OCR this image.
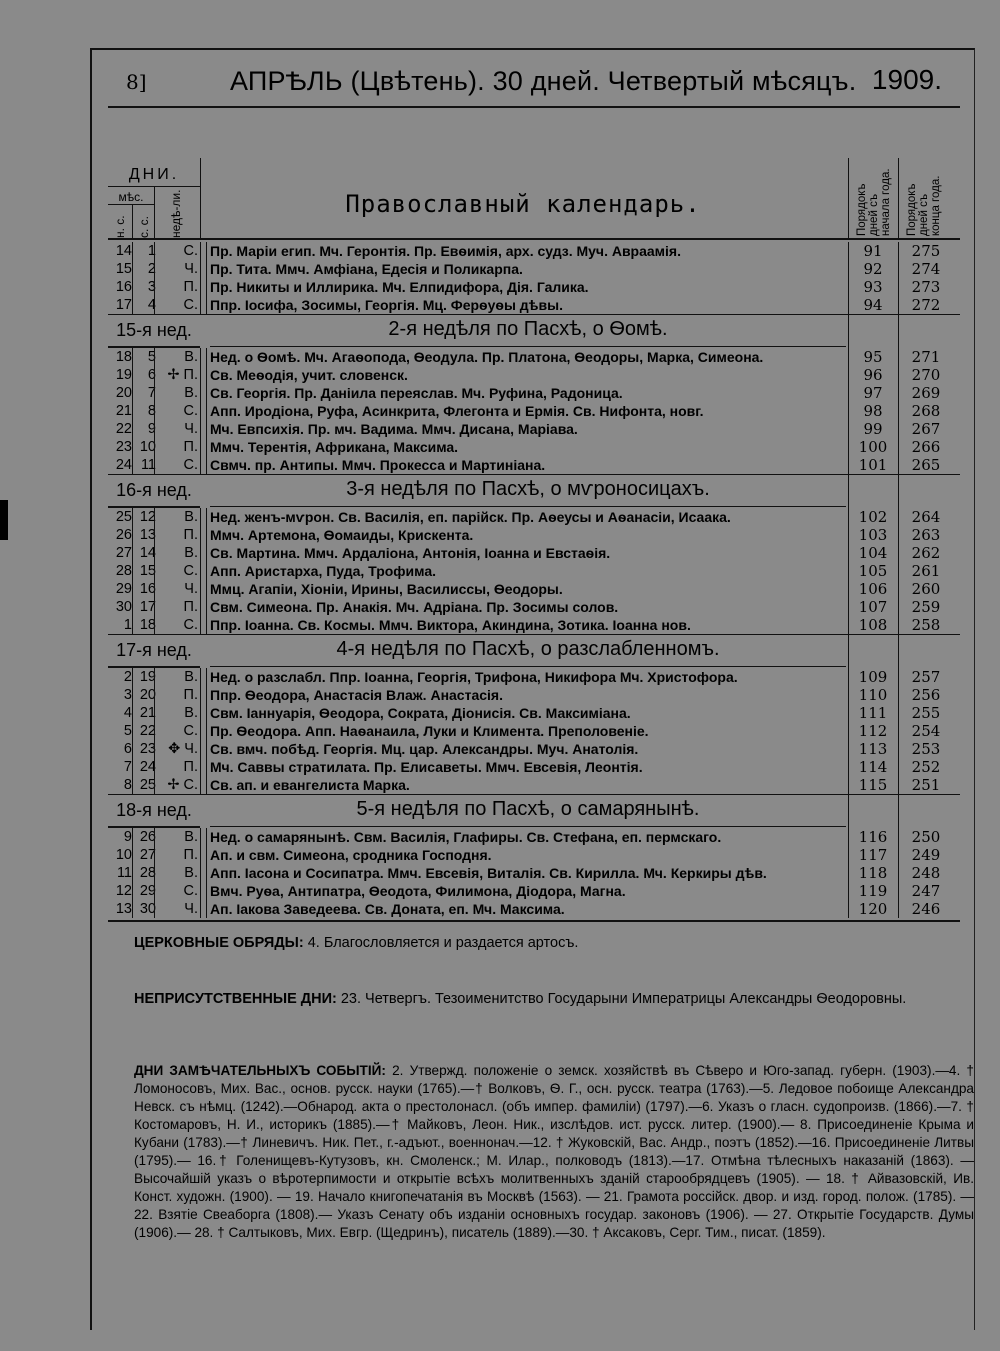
8]	АПРѢЛЬ (Цвѣтень). 30 дней. Четвертый мѣсяцъ. 1909.
ДНИ.
мѣс.
н. с. с. с. недѣ-ли.	Православный календарь.	Порядокъ дней съ начала года. Порядокъ дней съ конца года.
14	1	С. Пр. Маріи егип. Мч. Геронтія. Пр. Евѳимія, арх. судз. Муч. Авраамія.	91	275
15	2	Ч. Пр. Тита. Ммч. Амфіана, Едесія и Поликарпа.	92	274
16	3	П. Пр. Никиты и Иллирика. Мч. Елпидифора, Дія. Галика.	93	273
17	4	С. Ппр. Іосифа, Зосимы, Георгія. Мц. Ферѳуѳы дѣвы.	94	272
15-я нед.	2-я недѣля по Пасхѣ, о Ѳомѣ.
18	5	В. Нед. о Ѳомѣ. Мч. Агаѳопода, Ѳеодула. Пр. Платона, Ѳеодоры, Марка, Симеона.	95	271
19	6 ✢ П. Св. Меѳодія, учит. словенск.	96	270
20	7	В. Св. Георгія. Пр. Даніила переяслав. Мч. Руфина, Радоница.	97	269
21	8	С. Апп. Иродіона, Руфа, Асинкрита, Флегонта и Ермія. Св. Нифонта, новг.	98	268
22	9	Ч. Мч. Евпсихія. Пр. мч. Вадима. Ммч. Дисана, Маріава.	99	267
23 10	П. Ммч. Терентія, Африкана, Максима.	100	266
24 11	С. Свмч. пр. Антипы. Ммч. Прокесса и Мартиніана.	101	265
16-я нед.	3-я недѣля по Пасхѣ, о мѵроносицахъ.
25 12	В. Нед. женъ-мѵрон. Св. Василія, еп. парійск. Пр. Аѳеусы и Аѳанасіи, Исаака.	102	264
26 13	П. Ммч. Артемона, Ѳомаиды, Крискента.	103	263
27 14	В. Св. Мартина. Ммч. Ардаліона, Антонія, Іоанна и Евстаѳія.	104	262
28 15	С. Апп. Аристарха, Пуда, Трофима.	105	261
29 16	Ч. Ммц. Агапіи, Хіоніи, Ирины, Василиссы, Ѳеодоры.	106	260
30 17	П. Свм. Симеона. Пр. Анакія. Мч. Адріана. Пр. Зосимы солов.	107	259
1 18	С. Ппр. Іоанна. Св. Космы. Ммч. Виктора, Акиндина, Зотика. Іоанна нов.	108	258
17-я нед.	4-я недѣля по Пасхѣ, о разслабленномъ.
2 19	В. Нед. о разслабл. Ппр. Іоанна, Георгія, Трифона, Никифора Мч. Христофора.	109	257
3 20	П. Ппр. Ѳеодора, Анастасія Влаж. Анастасія.	110	256
4 21	В. Свм. Іаннуарія, Ѳеодора, Сократа, Діонисія. Св. Максиміана.	111	255
5 22	С. Пр. Ѳеодора. Апп. Наѳанаила, Луки и Климента. Преполовеніе.	112	254
6 23 ✥ Ч. Св. вмч. побѣд. Георгія. Мц. цар. Александры. Муч. Анатолія.	113	253
7 24	П. Мч. Саввы стратилата. Пр. Елисаветы. Ммч. Евсевія, Леонтія.	114	252
8 25 ✢ С. Св. ап. и евангелиста Марка.	115	251
18-я нед.	5-я недѣля по Пасхѣ, о самарянынѣ.
9 26	В. Нед. о самарянынѣ. Свм. Василія, Глафиры. Св. Стефана, еп. пермскаго.	116	250
10 27	П. Ап. и свм. Симеона, сродника Господня.	117	249
11 28	В. Апп. Іасона и Сосипатра. Ммч. Евсевія, Виталія. Св. Кирилла. Мч. Керкиры дѣв.	118	248
12 29	С. Вмч. Руѳа, Антипатра, Ѳеодота, Филимона, Діодора, Магна.	119	247
13 30	Ч. Ап. Іакова Заведеева. Св. Доната, еп. Мч. Максима.	120	246
ЦЕРКОВНЫЕ ОБРЯДЫ: 4. Благословляется и раздается артосъ.
НЕПРИСУТСТВЕННЫЕ ДНИ: 23. Четвергъ. Тезоименитство Государыни Императрицы Александры Ѳеодоровны.
ДНИ ЗАМѢЧАТЕЛЬНЫХЪ СОБЫТІЙ: 2. Утвержд. положеніе о земск. хозяйствѣ въ Сѣверо и Юго-запад. губерн. (1903).—4. † Ломоносовъ, Мих. Вас., основ. русск. науки (1765).—† Волковъ, Ѳ. Г., осн. русск. театра (1763).—5. Ледовое побоище Александра Невск. съ нѣмц. (1242).—Обнарод. акта о престолонасл. (объ импер. фамиліи) (1797).—6. Указъ о гласн. судопроизв. (1866).—7. † Костомаровъ, Н. И., историкъ (1885).—† Майковъ, Леон. Ник., изслѣдов. ист. русск. литер. (1900).— 8. Присоединеніе Крыма и Кубани (1783).—† Линевичъ. Ник. Пет., г.-адъют., военнонач.—12. † Жуковскій, Вас. Андр., поэтъ (1852).—16. Присоединеніе Литвы (1795).— 16.† Голенищевъ-Кутузовъ, кн. Смоленск.; М. Илар., полководъ (1813).—17. Отмѣна тѣлесныхъ наказаній (1863). — Высочайшій указъ о вѣротерпимости и открытіе всѣхъ молитвенныхъ зданій старообрядцевъ (1905). — 18. † Айвазовскій, Ив. Конст. художн. (1900). — 19. Начало книгопечатанія въ Москвѣ (1563). — 21. Грамота россійск. двор. и изд. город. полож. (1785). — 22. Взятіе Свеаборга (1808).— Указъ Сенату объ изданіи основныхъ государ. законовъ (1906). — 27. Открытіе Государств. Думы (1906).— 28. † Салтыковъ, Мих. Евгр. (Щедринъ), писатель (1889).—30. † Аксаковъ, Серг. Тим., писат. (1859).
